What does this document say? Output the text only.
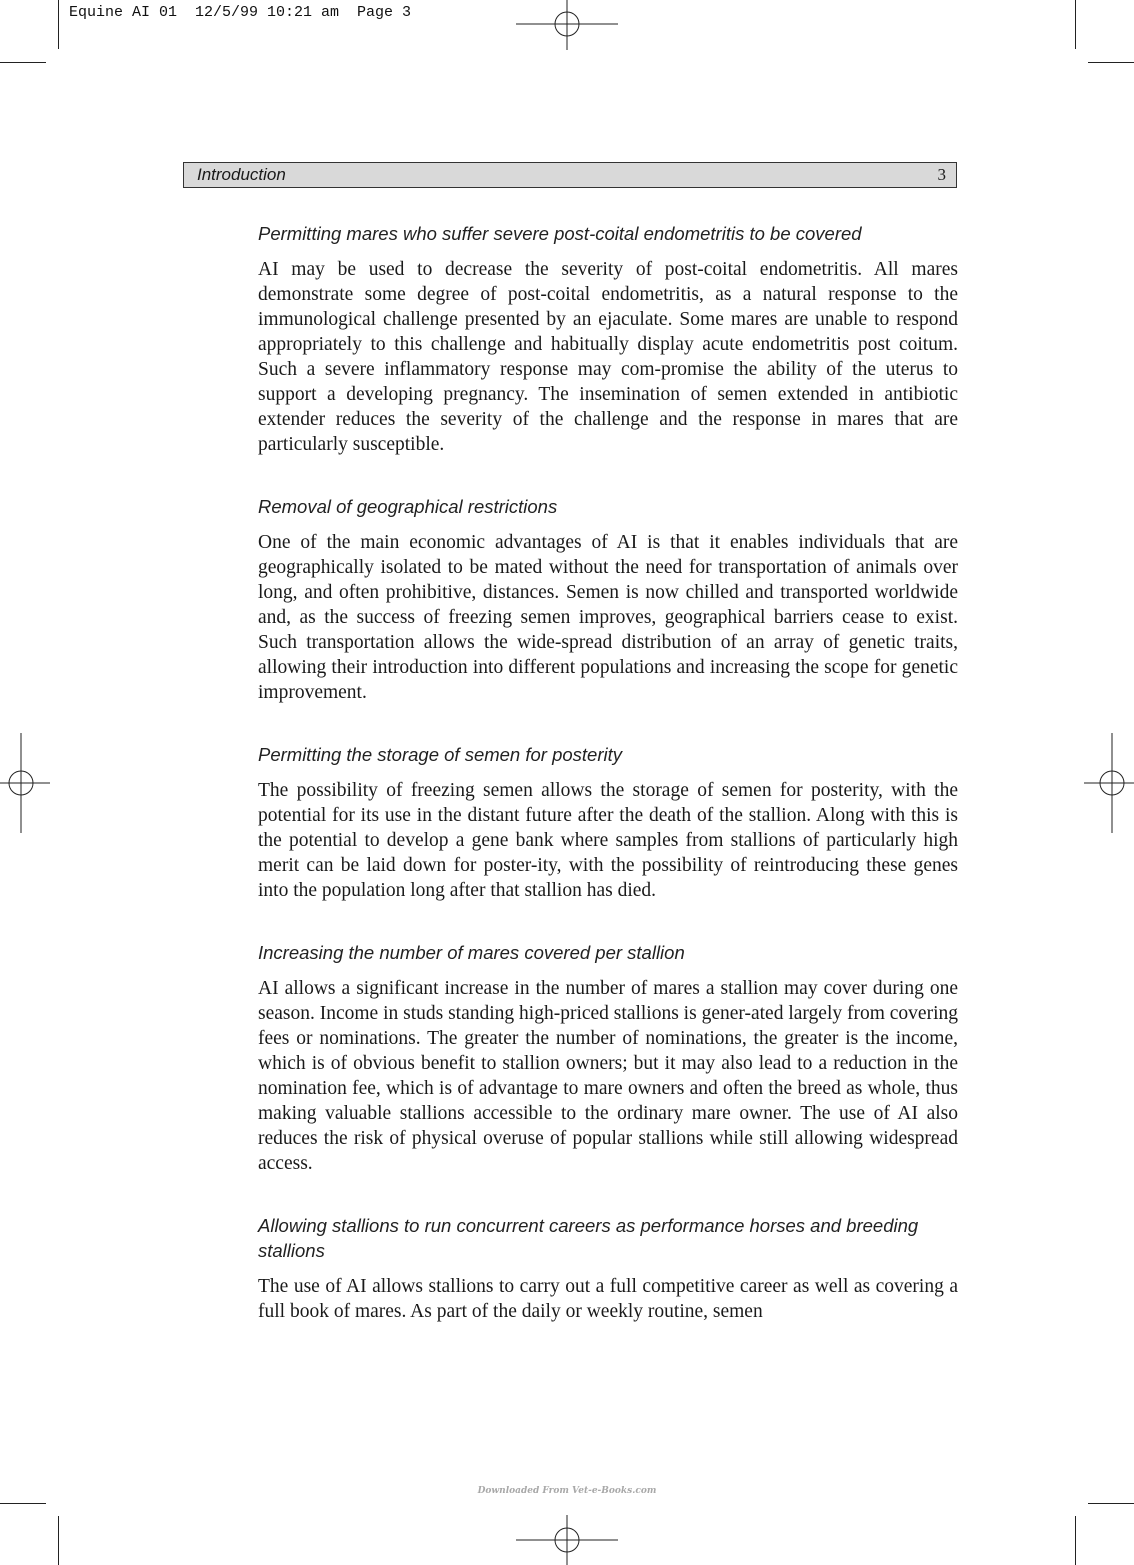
Equine AI 01  12/5/99 10:21 am  Page 3
Introduction	3

Permitting mares who suffer severe post-coital endometritis to be covered

AI may be used to decrease the severity of post-coital endometritis. All mares demonstrate some degree of post-coital endometritis, as a natural response to the immunological challenge presented by an ejaculate. Some mares are unable to respond appropriately to this challenge and habitually display acute endometritis post coitum. Such a severe inflammatory response may com-promise the ability of the uterus to support a developing pregnancy. The insemination of semen extended in antibiotic extender reduces the severity of the challenge and the response in mares that are particularly susceptible.

Removal of geographical restrictions

One of the main economic advantages of AI is that it enables individuals that are geographically isolated to be mated without the need for transportation of animals over long, and often prohibitive, distances. Semen is now chilled and transported worldwide and, as the success of freezing semen improves, geographical barriers cease to exist. Such transportation allows the wide-spread distribution of an array of genetic traits, allowing their introduction into different populations and increasing the scope for genetic improvement.

Permitting the storage of semen for posterity

The possibility of freezing semen allows the storage of semen for posterity, with the potential for its use in the distant future after the death of the stallion. Along with this is the potential to develop a gene bank where samples from stallions of particularly high merit can be laid down for poster-ity, with the possibility of reintroducing these genes into the population long after that stallion has died.

Increasing the number of mares covered per stallion

AI allows a significant increase in the number of mares a stallion may cover during one season. Income in studs standing high-priced stallions is gener-ated largely from covering fees or nominations. The greater the number of nominations, the greater is the income, which is of obvious benefit to stallion owners; but it may also lead to a reduction in the nomination fee, which is of advantage to mare owners and often the breed as whole, thus making valuable stallions accessible to the ordinary mare owner. The use of AI also reduces the risk of physical overuse of popular stallions while still allowing widespread access.

Allowing stallions to run concurrent careers as performance horses and breeding stallions

The use of AI allows stallions to carry out a full competitive career as well as covering a full book of mares. As part of the daily or weekly routine, semen

Downloaded From Vet-e-Books.com
